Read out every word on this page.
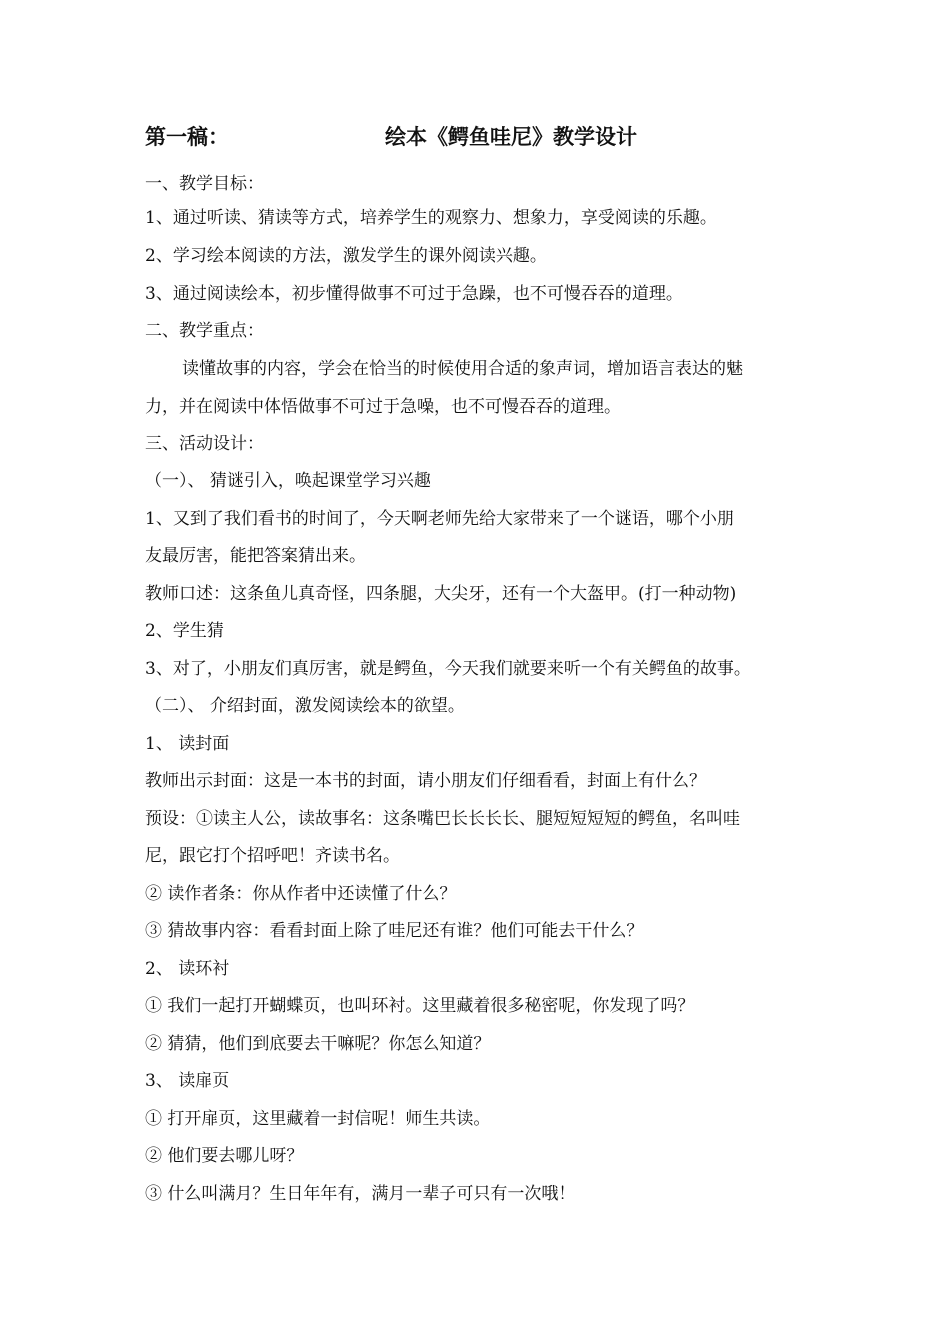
第一稿：	绘本《鳄鱼哇尼》教学设计
一、教学目标：
1、通过听读、猜读等方式，培养学生的观察力、想象力，享受阅读的乐趣。
2、学习绘本阅读的方法，激发学生的课外阅读兴趣。
3、通过阅读绘本，初步懂得做事不可过于急躁，也不可慢吞吞的道理。
二、教学重点：
读懂故事的内容，学会在恰当的时候使用合适的象声词，增加语言表达的魅
力，并在阅读中体悟做事不可过于急噪，也不可慢吞吞的道理。
三、活动设计：
（一）、 猜谜引入，唤起课堂学习兴趣
1、又到了我们看书的时间了，今天啊老师先给大家带来了一个谜语，哪个小朋
友最厉害，能把答案猜出来。
教师口述：这条鱼儿真奇怪，四条腿，大尖牙，还有一个大盔甲。(打一种动物)
2、学生猜
3、对了，小朋友们真厉害，就是鳄鱼，今天我们就要来听一个有关鳄鱼的故事。
（二）、 介绍封面，激发阅读绘本的欲望。
1、 读封面
教师出示封面：这是一本书的封面，请小朋友们仔细看看，封面上有什么？
预设：①读主人公，读故事名：这条嘴巴长长长长、腿短短短短的鳄鱼，名叫哇
尼，跟它打个招呼吧！齐读书名。
② 读作者条：你从作者中还读懂了什么？
③ 猜故事内容：看看封面上除了哇尼还有谁？他们可能去干什么？
2、 读环衬
① 我们一起打开蝴蝶页，也叫环衬。这里藏着很多秘密呢，你发现了吗？
② 猜猜，他们到底要去干嘛呢？你怎么知道？
3、 读扉页
① 打开扉页，这里藏着一封信呢！师生共读。
② 他们要去哪儿呀？
③ 什么叫满月？生日年年有，满月一辈子可只有一次哦！
